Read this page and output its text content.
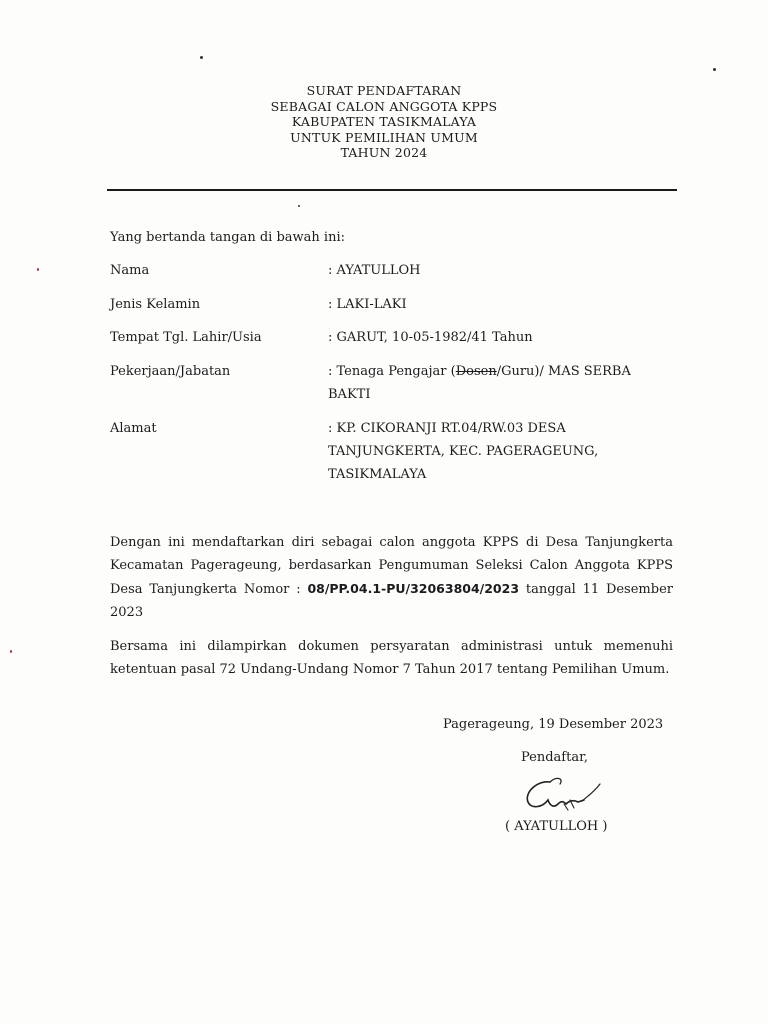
SURAT PENDAFTARAN
SEBAGAI CALON ANGGOTA KPPS
KABUPATEN TASIKMALAYA
UNTUK PEMILIHAN UMUM
TAHUN 2024
Yang bertanda tangan di bawah ini:
Nama	: AYATULLOH
Jenis Kelamin	: LAKI-LAKI
Tempat Tgl. Lahir/Usia	: GARUT, 10-05-1982/41 Tahun
Pekerjaan/Jabatan	: Tenaga Pengajar (Dosen/Guru)/ MAS SERBA BAKTI
Alamat	: KP. CIKORANJI RT.04/RW.03 DESA TANJUNGKERTA, KEC. PAGERAGEUNG, TASIKMALAYA
Dengan ini mendaftarkan diri sebagai calon anggota KPPS di Desa Tanjungkerta Kecamatan Pagerageung, berdasarkan Pengumuman Seleksi Calon Anggota KPPS Desa Tanjungkerta Nomor : 08/PP.04.1-PU/32063804/2023 tanggal 11 Desember 2023
Bersama ini dilampirkan dokumen persyaratan administrasi untuk memenuhi ketentuan pasal 72 Undang-Undang Nomor 7 Tahun 2017 tentang Pemilihan Umum.
Pagerageung, 19 Desember 2023
Pendaftar,
( AYATULLOH )
